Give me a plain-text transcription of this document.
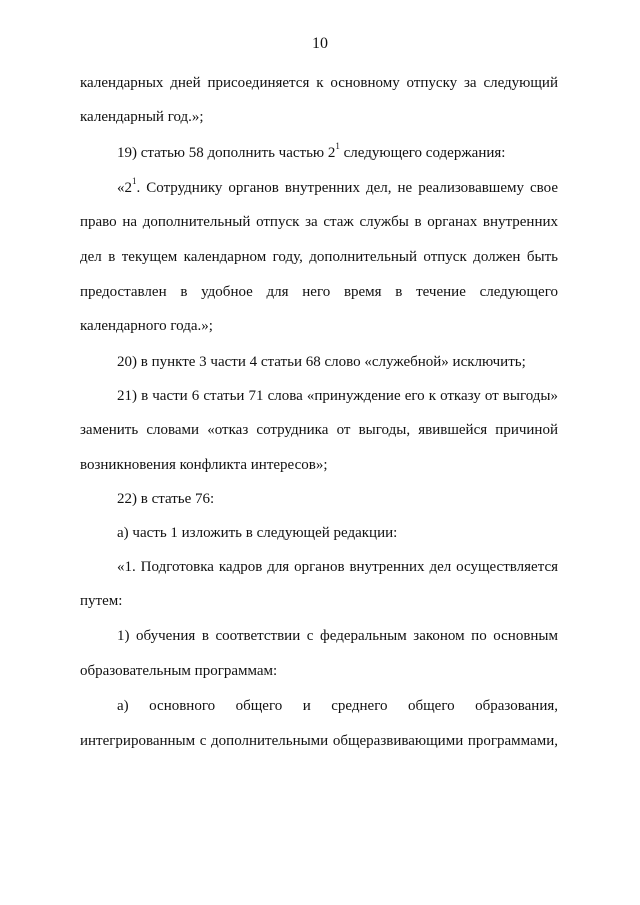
10
календарных дней присоединяется к основному отпуску за следующий
календарный год.»;
19) статью 58 дополнить частью $2^1$ следующего содержания:
«$2^1$. Сотруднику органов внутренних дел, не реализовавшему свое
право на дополнительный отпуск за стаж службы в органах внутренних
дел в текущем календарном году, дополнительный отпуск должен быть
предоставлен в удобное для него время в течение следующего
календарного года.»;
20) в пункте 3 части 4 статьи 68 слово «служебной» исключить;
21) в части 6 статьи 71 слова «принуждение его к отказу от выгоды»
заменить словами «отказ сотрудника от выгоды, явившейся причиной
возникновения конфликта интересов»;
22) в статье 76:
а) часть 1 изложить в следующей редакции:
«1. Подготовка кадров для органов внутренних дел осуществляется
путем:
1) обучения в соответствии с федеральным законом по основным
образовательным программам:
а) основного общего и среднего общего образования,
интегрированным с дополнительными общеразвивающими программами,
